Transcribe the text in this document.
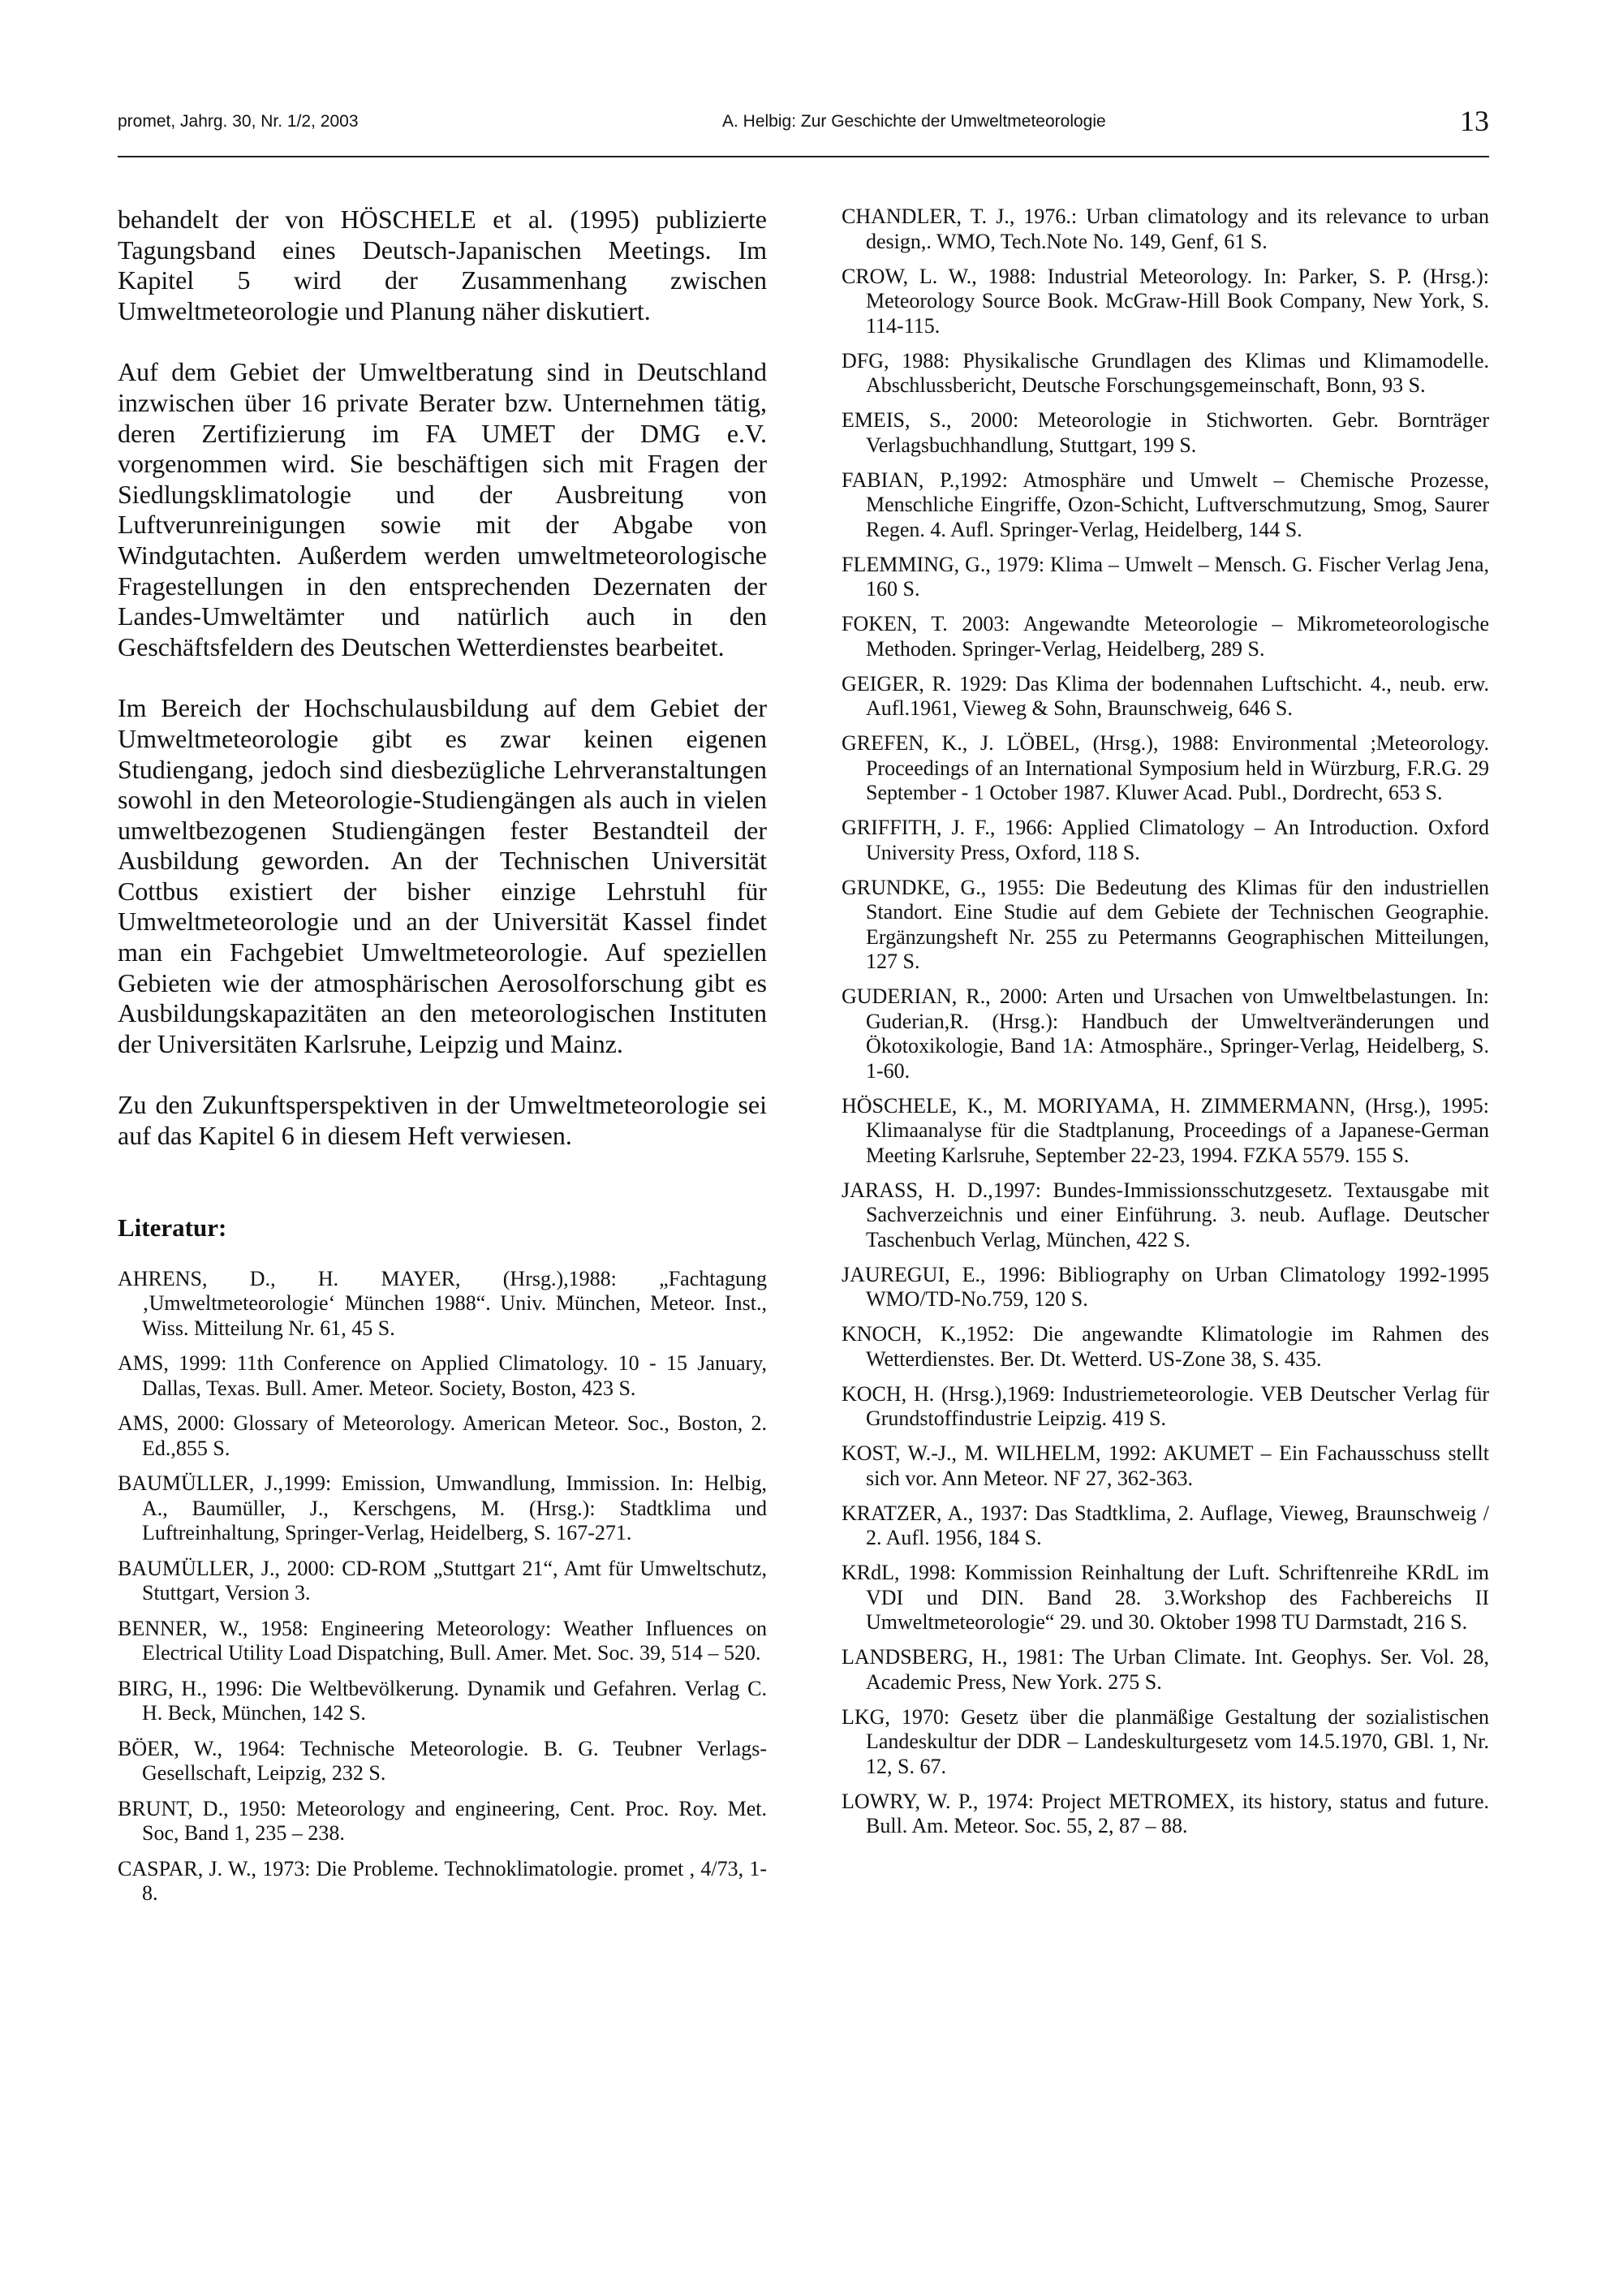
promet, Jahrg. 30, Nr. 1/2, 2003	A. Helbig: Zur Geschichte der Umweltmeteorologie	13

behandelt der von HÖSCHELE et al. (1995) publizierte Tagungsband eines Deutsch-Japanischen Meetings. Im Kapitel 5 wird der Zusammenhang zwischen Umweltmeteorologie und Planung näher diskutiert.

Auf dem Gebiet der Umweltberatung sind in Deutschland inzwischen über 16 private Berater bzw. Unternehmen tätig, deren Zertifizierung im FA UMET der DMG e.V. vorgenommen wird. Sie beschäftigen sich mit Fragen der Siedlungsklimatologie und der Ausbreitung von Luftverunreinigungen sowie mit der Abgabe von Windgutachten. Außerdem werden umweltmeteorologische Fragestellungen in den entsprechenden Dezernaten der Landes-Umweltämter und natürlich auch in den Geschäftsfeldern des Deutschen Wetterdienstes bearbeitet.

Im Bereich der Hochschulausbildung auf dem Gebiet der Umweltmeteorologie gibt es zwar keinen eigenen Studiengang, jedoch sind diesbezügliche Lehrveranstaltungen sowohl in den Meteorologie-Studiengängen als auch in vielen umweltbezogenen Studiengängen fester Bestandteil der Ausbildung geworden. An der Technischen Universität Cottbus existiert der bisher einzige Lehrstuhl für Umweltmeteorologie und an der Universität Kassel findet man ein Fachgebiet Umweltmeteorologie. Auf speziellen Gebieten wie der atmosphärischen Aerosolforschung gibt es Ausbildungskapazitäten an den meteorologischen Instituten der Universitäten Karlsruhe, Leipzig und Mainz.

Zu den Zukunftsperspektiven in der Umweltmeteorologie sei auf das Kapitel 6 in diesem Heft verwiesen.

Literatur:

AHRENS, D., H. MAYER, (Hrsg.),1988: „Fachtagung ‚Umweltmeteorologie‘ München 1988“. Univ. München, Meteor. Inst., Wiss. Mitteilung Nr. 61, 45 S.

AMS, 1999: 11th Conference on Applied Climatology. 10 - 15 January, Dallas, Texas. Bull. Amer. Meteor. Society, Boston, 423 S.

AMS, 2000: Glossary of Meteorology. American Meteor. Soc., Boston, 2. Ed.,855 S.

BAUMÜLLER, J.,1999: Emission, Umwandlung, Immission. In: Helbig, A., Baumüller, J., Kerschgens, M. (Hrsg.): Stadtklima und Luftreinhaltung, Springer-Verlag, Heidelberg, S. 167-271.

BAUMÜLLER, J., 2000: CD-ROM „Stuttgart 21“, Amt für Umweltschutz, Stuttgart, Version 3.

BENNER, W., 1958: Engineering Meteorology: Weather Influences on Electrical Utility Load Dispatching, Bull. Amer. Met. Soc. 39, 514 – 520.

BIRG, H., 1996: Die Weltbevölkerung. Dynamik und Gefahren. Verlag C. H. Beck, München, 142 S.

BÖER, W., 1964: Technische Meteorologie. B. G. Teubner Verlags-Gesellschaft, Leipzig, 232 S.

BRUNT, D., 1950: Meteorology and engineering, Cent. Proc. Roy. Met. Soc, Band 1, 235 – 238.

CASPAR, J. W., 1973: Die Probleme. Technoklimatologie. promet , 4/73, 1-8.

CHANDLER, T. J., 1976.: Urban climatology and its relevance to urban design,. WMO, Tech.Note No. 149, Genf, 61 S.

CROW, L. W., 1988: Industrial Meteorology. In: Parker, S. P. (Hrsg.): Meteorology Source Book. McGraw-Hill Book Company, New York, S. 114-115.

DFG, 1988: Physikalische Grundlagen des Klimas und Klimamodelle. Abschlussbericht, Deutsche Forschungsgemeinschaft, Bonn, 93 S.

EMEIS, S., 2000: Meteorologie in Stichworten. Gebr. Bornträger Verlagsbuchhandlung, Stuttgart, 199 S.

FABIAN, P.,1992: Atmosphäre und Umwelt – Chemische Prozesse, Menschliche Eingriffe, Ozon-Schicht, Luftverschmutzung, Smog, Saurer Regen. 4. Aufl. Springer-Verlag, Heidelberg, 144 S.

FLEMMING, G., 1979: Klima – Umwelt – Mensch. G. Fischer Verlag Jena, 160 S.

FOKEN, T. 2003: Angewandte Meteorologie – Mikrometeorologische Methoden. Springer-Verlag, Heidelberg, 289 S.

GEIGER, R. 1929: Das Klima der bodennahen Luftschicht. 4., neub. erw. Aufl.1961, Vieweg & Sohn, Braunschweig, 646 S.

GREFEN, K., J. LÖBEL, (Hrsg.), 1988: Environmental ;Meteorology. Proceedings of an International Symposium held in Würzburg, F.R.G. 29 September - 1 October 1987. Kluwer Acad. Publ., Dordrecht, 653 S.

GRIFFITH, J. F., 1966: Applied Climatology – An Introduction. Oxford University Press, Oxford, 118 S.

GRUNDKE, G., 1955: Die Bedeutung des Klimas für den industriellen Standort. Eine Studie auf dem Gebiete der Technischen Geographie. Ergänzungsheft Nr. 255 zu Petermanns Geographischen Mitteilungen, 127 S.

GUDERIAN, R., 2000: Arten und Ursachen von Umweltbelastungen. In: Guderian,R. (Hrsg.): Handbuch der Umweltveränderungen und Ökotoxikologie, Band 1A: Atmosphäre., Springer-Verlag, Heidelberg, S. 1-60.

HÖSCHELE, K., M. MORIYAMA, H. ZIMMERMANN, (Hrsg.), 1995: Klimaanalyse für die Stadtplanung, Proceedings of a Japanese-German Meeting Karlsruhe, September 22-23, 1994. FZKA 5579. 155 S.

JARASS, H. D.,1997: Bundes-Immissionsschutzgesetz. Textausgabe mit Sachverzeichnis und einer Einführung. 3. neub. Auflage. Deutscher Taschenbuch Verlag, München, 422 S.

JAUREGUI, E., 1996: Bibliography on Urban Climatology 1992-1995 WMO/TD-No.759, 120 S.

KNOCH, K.,1952: Die angewandte Klimatologie im Rahmen des Wetterdienstes. Ber. Dt. Wetterd. US-Zone 38, S. 435.

KOCH, H. (Hrsg.),1969: Industriemeteorologie. VEB Deutscher Verlag für Grundstoffindustrie Leipzig. 419 S.

KOST, W.-J., M. WILHELM, 1992: AKUMET – Ein Fachausschuss stellt sich vor. Ann Meteor. NF 27, 362-363.

KRATZER, A., 1937: Das Stadtklima, 2. Auflage, Vieweg, Braunschweig / 2. Aufl. 1956, 184 S.

KRdL, 1998: Kommission Reinhaltung der Luft. Schriftenreihe KRdL im VDI und DIN. Band 28. 3.Workshop des Fachbereichs II Umweltmeteorologie“ 29. und 30. Oktober 1998 TU Darmstadt, 216 S.

LANDSBERG, H., 1981: The Urban Climate. Int. Geophys. Ser. Vol. 28, Academic Press, New York. 275 S.

LKG, 1970: Gesetz über die planmäßige Gestaltung der sozialistischen Landeskultur der DDR – Landeskulturgesetz vom 14.5.1970, GBl. 1, Nr. 12, S. 67.

LOWRY, W. P., 1974: Project METROMEX, its history, status and future. Bull. Am. Meteor. Soc. 55, 2, 87 – 88.
